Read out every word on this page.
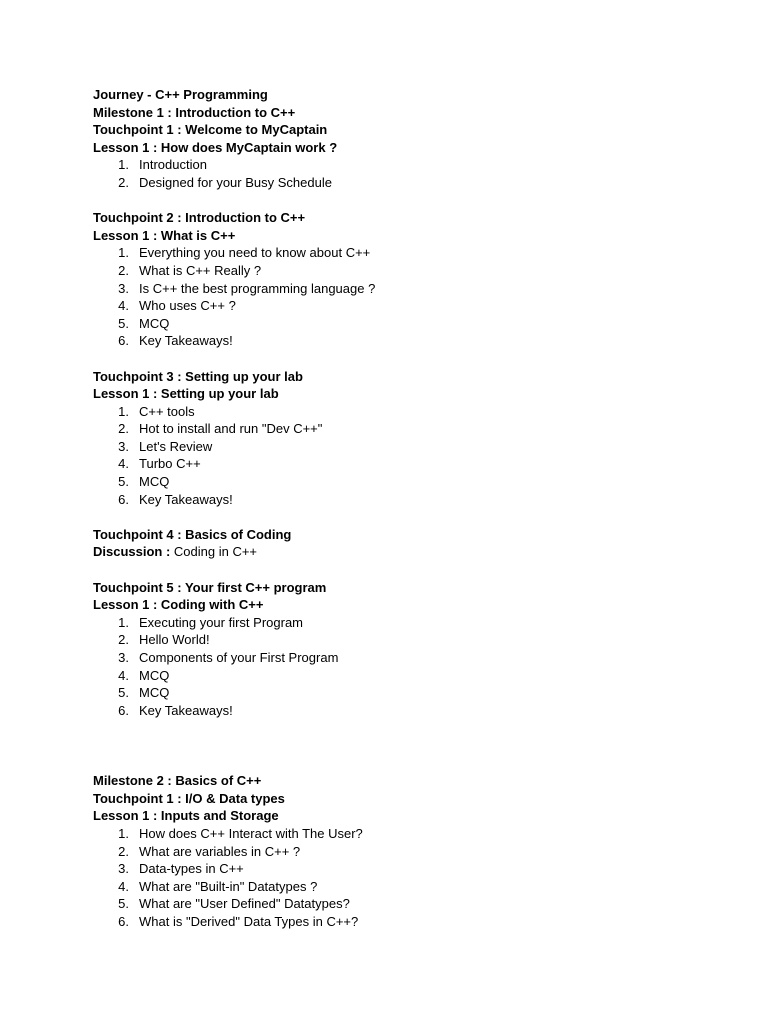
Journey - C++ Programming

Milestone 1 : Introduction to C++

Touchpoint 1 : Welcome to MyCaptain

Lesson 1 : How does MyCaptain work ?

1. Introduction
2. Designed for your Busy Schedule

Touchpoint 2 : Introduction to C++

Lesson 1 : What is C++

1. Everything you need to know about C++
2. What is C++ Really ?
3. Is C++ the best programming language ?
4. Who uses C++ ?
5. MCQ
6. Key Takeaways!

Touchpoint 3 : Setting up your lab

Lesson 1 : Setting up your lab

1. C++ tools
2. Hot to install and run "Dev C++"
3. Let's Review
4. Turbo C++
5. MCQ
6. Key Takeaways!

Touchpoint 4 : Basics of Coding

Discussion : Coding in C++

Touchpoint 5 : Your first C++ program

Lesson 1 : Coding with C++

1. Executing your first Program
2. Hello World!
3. Components of your First Program
4. MCQ
5. MCQ
6. Key Takeaways!

Milestone 2 : Basics of C++

Touchpoint 1 : I/O & Data types

Lesson 1 : Inputs and Storage

1. How does C++ Interact with The User?
2. What are variables in C++ ?
3. Data-types in C++
4. What are "Built-in" Datatypes ?
5. What are "User Defined" Datatypes?
6. What is "Derived" Data Types in C++?
